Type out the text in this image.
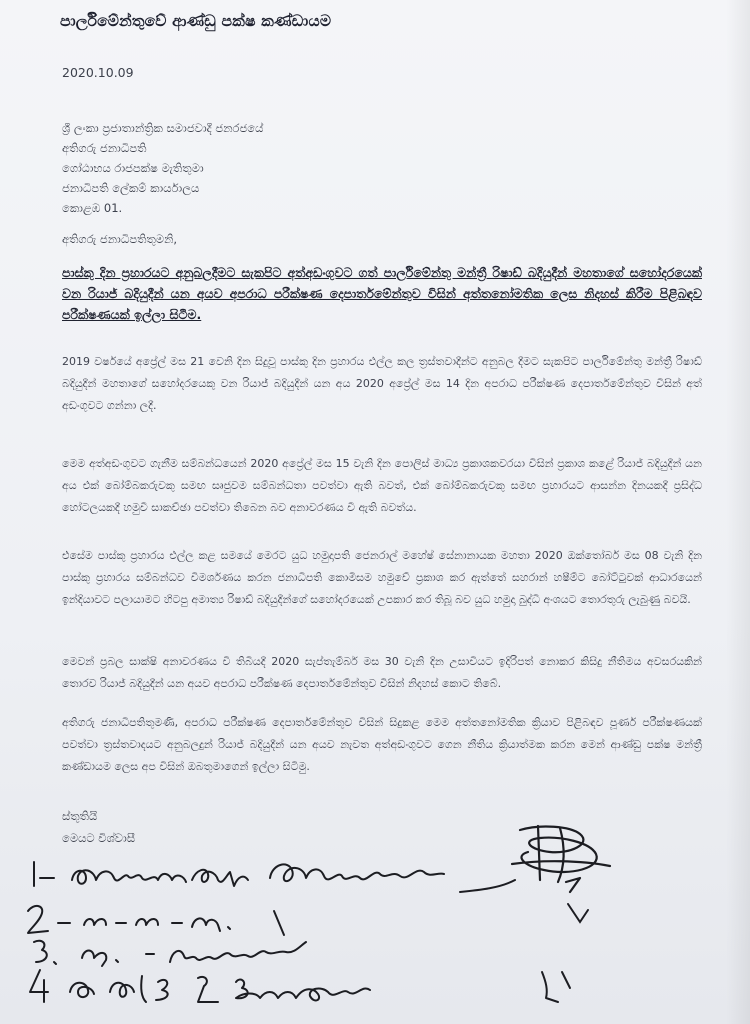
පාර්ලිමේන්තුවේ ආණ්ඩු පක්ෂ කණ්ඩායම
2020.10.09
ශ්‍රී ලංකා ප්‍රජාතාන්ත්‍රික සමාජවාදී ජනරජයේ
අතිගරු ජනාධිපති
ගෝඨාභය රාජපක්ෂ මැතිතුමා
ජනාධිපති ලේකම් කාර්යාලය
කොළඹ 01.
අතිගරු ජනාධිපතිතුමනි,
පාස්කු දින ප්‍රහාරයට අනුබලදීමට සැකපිට අත්අඩංගුවට ගත් පාර්ලිමේන්තු මන්ත්‍රී රිෂාඩ් බදියුදීන් මහතාගේ සහෝදරයෙක් වන රියාජ් බදියුදීන් යන අයව අපරාධ පරීක්ෂණ දෙපාර්තමේන්තුව විසින් අත්තනෝමතික ලෙස නිදහස් කිරීම පිළිබඳව පරීක්ෂණයක් ඉල්ලා සිටීම.
2019 වර්ෂයේ අප්‍රේල් මස 21 වෙනි දින සිදුවූ පාස්කු දින ප්‍රහාරය එල්ල කල ත්‍රස්තවාදීන්ට අනුබල දීමට සැකපිට පාර්ලිමේන්තු මන්ත්‍රී රිෂාඩ් බදියුදීන් මහතාගේ සහෝදරයෙකු වන රියාජ් බදියුදීන් යන අය 2020 අප්‍රේල් මස 14 දින අපරාධ පරීක්ෂණ දෙපාර්තමේන්තුව විසින් අත් අඩංගුවට ගන්නා ලදී.
මෙම අත්අඩංගුවට ගැනීම සම්බන්ධයෙන් 2020 අප්‍රේල් මස 15 වැනි දින පොලිස් මාධ්‍ය ප්‍රකාශකවරයා විසින් ප්‍රකාශ කළේ රියාජ් බදියුදීන් යන අය එක් බෝම්බකරුවකු සමඟ සෘජුවම සම්බන්ධතා පවත්වා ඇති බවත්, එක් බෝම්බකරුවකු සමඟ ප්‍රහාරයට ආසන්න දිනයකදී ප්‍රසිද්ධ හෝටලයකදී හමුවී සාකච්ඡා පවත්වා තිබෙන බව අනාවරණය වී ඇති බවත්ය.
එසේම පාස්කු ප්‍රහාරය එල්ල කළ සමයේ මෙරට යුධ හමුදාපති ජෙනරාල් මහේෂ් සේනානායක මහතා 2020 ඔක්තෝබර් මස 08 වැනි දින පාස්කු ප්‍රහාරය සම්බන්ධව විමර්ශණය කරන ජනාධිපති කොමිසම හමුවේ ප්‍රකාශ කර ඇත්තේ සහරාන් හෂීම්ට බෝට්ටුවක් ආධාරයෙන් ඉන්දියාවට පලායාමට හිටපු අමාත්‍ය රිෂාඩ් බදියුදීන්ගේ සහෝදරයෙක් උපකාර කර තිබූ බව යුධ හමුදා බුද්ධි අංශයට තොරතුරු ලැබුණු බවයි.
මෙවන් ප්‍රබල සාක්ෂි අනාවරණය වී තිබියදී 2020 සැප්තැම්බර් මස 30 වැනි දින උසාවියට ඉදිරිපත් නොකර කිසිදු නීතිමය අවසරයකින් තොරව රියාජ් බදියුදීන් යන අයව අපරාධ පරීක්ෂණ දෙපාර්තමේන්තුව විසින් නිදහස් කොට තිබේ.
අතිගරු ජනාධිපතිතුමණි, අපරාධ පරීක්ෂණ දෙපාර්තමේන්තුව විසින් සිදුකළ මෙම අත්තනෝමතික ක්‍රියාව පිළිබඳව පූර්ණ පරීක්ෂණයක් පවත්වා ත්‍රස්තවාදයට අනුබලදුන් රියාජ් බදියුදීන් යන අයව නැවත අත්අඩංගුවට ගෙන නීතිය ක්‍රියාත්මක කරන මෙන් ආණ්ඩු පක්ෂ මන්ත්‍රී කණ්ඩායම ලෙස අප විසින් ඔබතුමාගෙන් ඉල්ලා සිටිමු.
ස්තුතියි
මෙයට විශ්වාසී
